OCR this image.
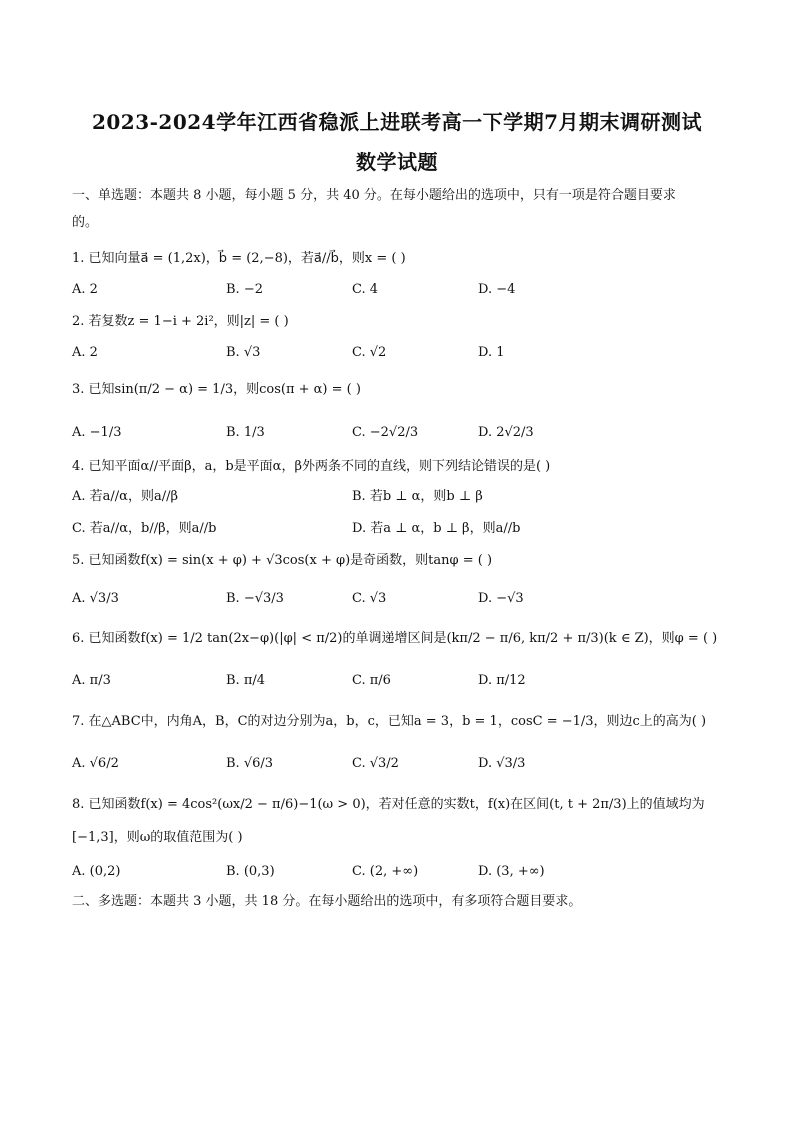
2023-2024学年江西省稳派上进联考高一下学期7月期末调研测试
数学试题
一、单选题：本题共 8 小题，每小题 5 分，共 40 分。在每小题给出的选项中，只有一项是符合题目要求
的。
1. 已知向量a⃗ = (1,2x)，b⃗ = (2,−8)，若a⃗//b⃗，则x = ( )
A. 2	B. −2	C. 4	D. −4
2. 若复数z = 1−i + 2i²，则|z| = ( )
A. 2	B. √3	C. √2	D. 1
3. 已知sin(π/2 − α) = 1/3，则cos(π + α) = ( )
A. −1/3	B. 1/3	C. −2√2/3	D. 2√2/3
4. 已知平面α//平面β，a，b是平面α，β外两条不同的直线，则下列结论错误的是( )
A. 若a//α，则a//β	B. 若b ⊥ α，则b ⊥ β
C. 若a//α，b//β，则a//b	D. 若a ⊥ α，b ⊥ β，则a//b
5. 已知函数f(x) = sin(x + φ) + √3cos(x + φ)是奇函数，则tanφ = ( )
A. √3/3	B. −√3/3	C. √3	D. −√3
6. 已知函数f(x) = 1/2 tan(2x−φ)(|φ| < π/2)的单调递增区间是(kπ/2 − π/6, kπ/2 + π/3)(k ∈ Z)，则φ = ( )
A. π/3	B. π/4	C. π/6	D. π/12
7. 在△ABC中，内角A，B，C的对边分别为a，b，c，已知a = 3，b = 1，cosC = −1/3，则边c上的高为( )
A. √6/2	B. √6/3	C. √3/2	D. √3/3
8. 已知函数f(x) = 4cos²(ωx/2 − π/6)−1(ω > 0)，若对任意的实数t，f(x)在区间(t, t + 2π/3)上的值域均为
[−1,3]，则ω的取值范围为( )
A. (0,2)	B. (0,3)	C. (2, +∞)	D. (3, +∞)
二、多选题：本题共 3 小题，共 18 分。在每小题给出的选项中，有多项符合题目要求。
